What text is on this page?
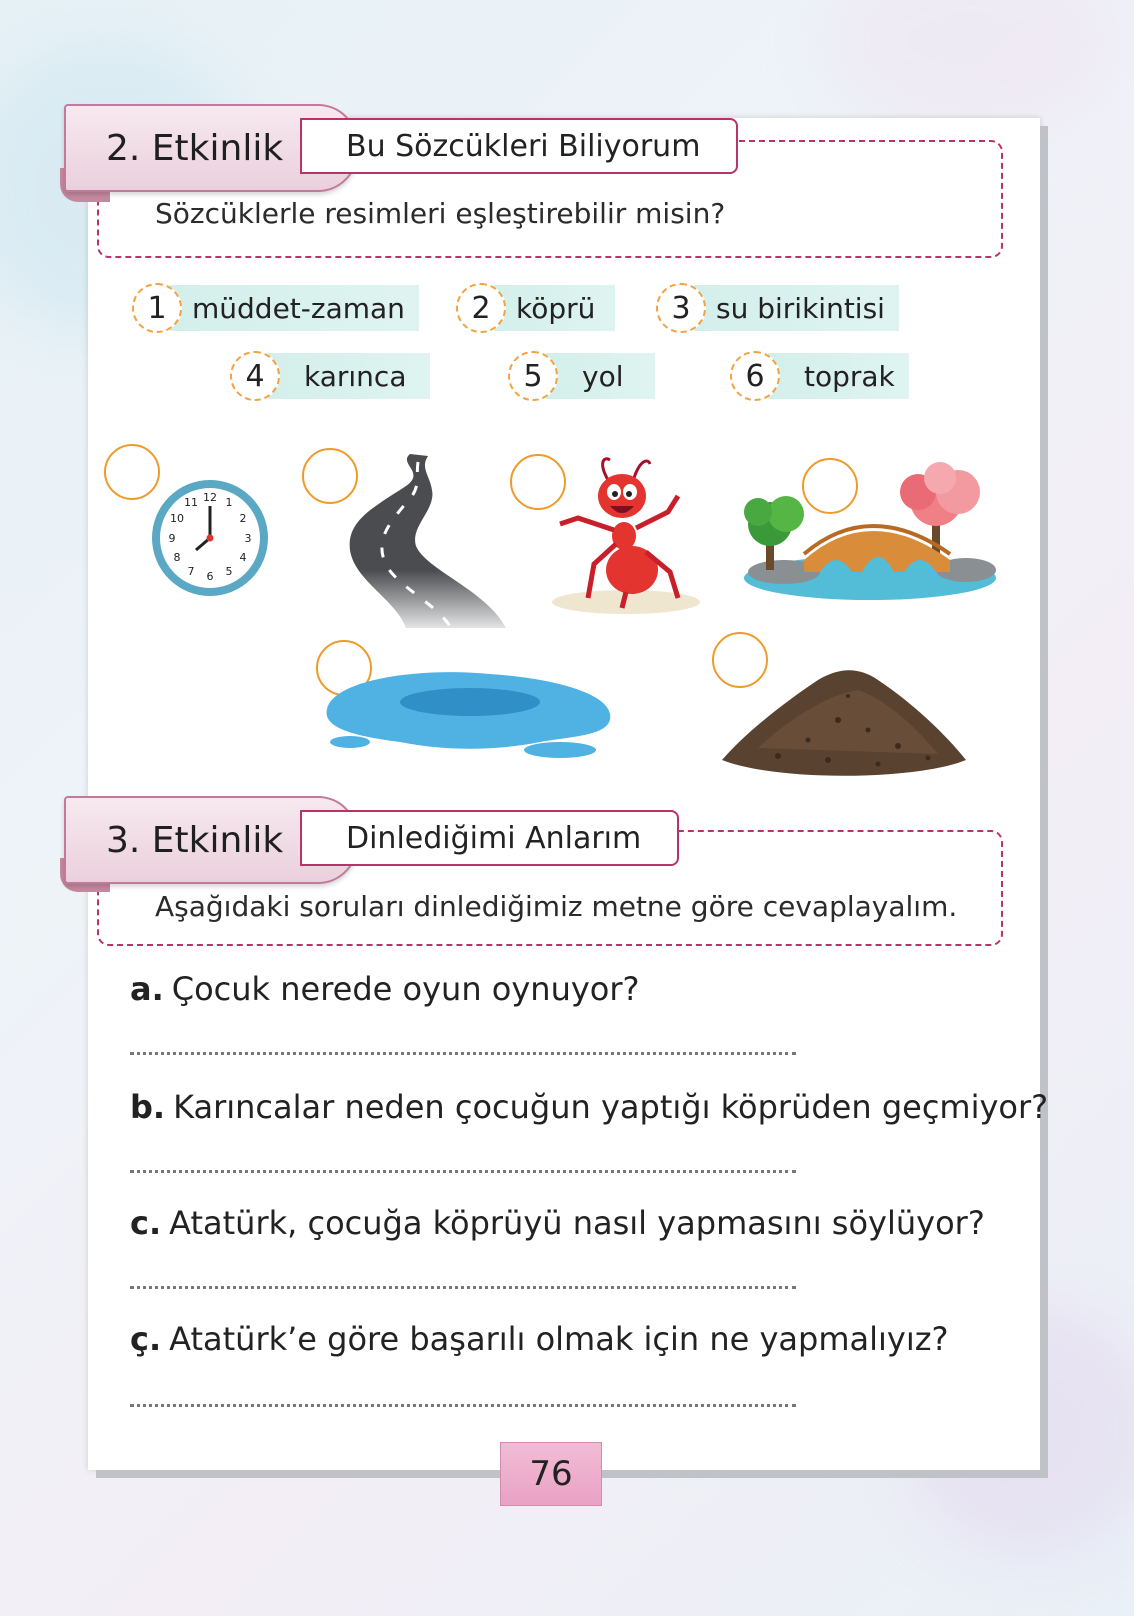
Sözcüklerle resimleri eşleştirebilir misin?
2. Etkinlik Bu Sözcükleri Biliyorum
1 müddet-zaman	2 köprü	3 su birikintisi
4	karınca	5	yol	6	toprak
12 1
2
3
4
5
6
7
8
9
10
11
Aşağıdaki soruları dinlediğimiz metne göre cevaplayalım.
3. Etkinlik Dinlediğimi Anlarım
a. Çocuk nerede oyun oynuyor?
b. Karıncalar neden çocuğun yaptığı köprüden geçmiyor?
c. Atatürk, çocuğa köprüyü nasıl yapmasını söylüyor?
ç. Atatürk’e göre başarılı olmak için ne yapmalıyız?
76
